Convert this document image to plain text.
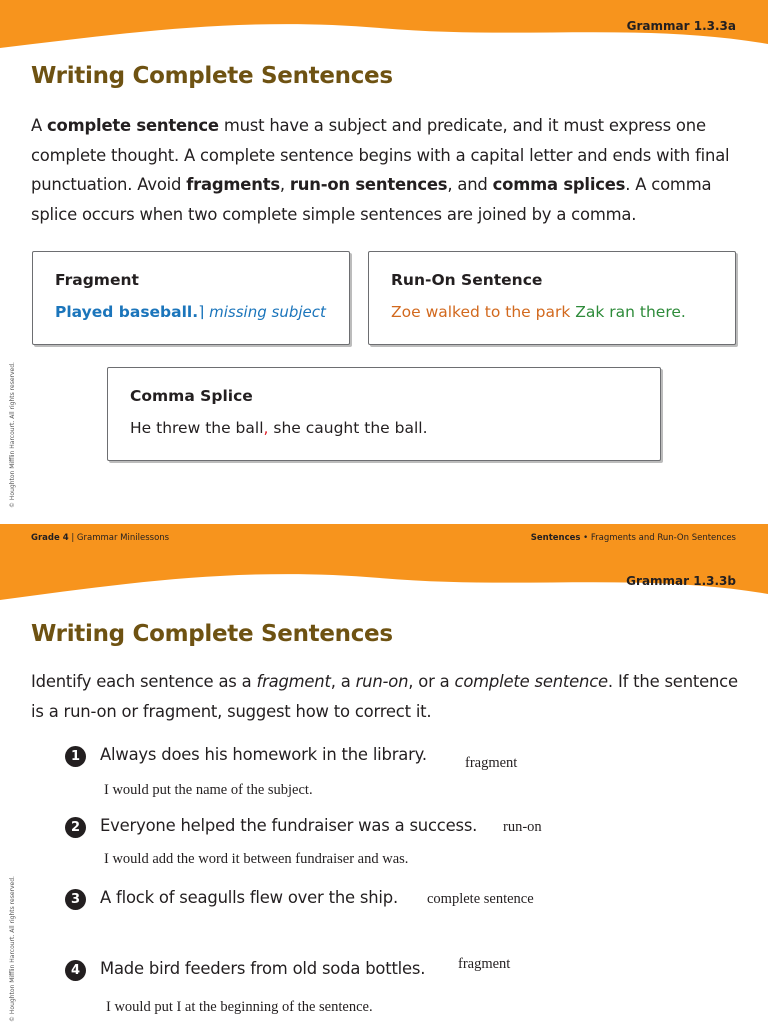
Grammar 1.3.3a
Writing Complete Sentences
A complete sentence must have a subject and predicate, and it must express one complete thought. A complete sentence begins with a capital letter and ends with final punctuation. Avoid fragments, run-on sentences, and comma splices. A comma splice occurs when two complete simple sentences are joined by a comma.
Fragment
Played baseball.⌉ missing subject
Run-On Sentence
Zoe walked to the park Zak ran there.
Comma Splice
He threw the ball, she caught the ball.
© Houghton Mifflin Harcourt. All rights reserved.
Grammar 1.3.3b
Grade 4 | Grammar Minilessons	Sentences • Fragments and Run-On Sentences
Writing Complete Sentences
Identify each sentence as a fragment, a run-on, or a complete sentence. If the sentence is a run-on or fragment, suggest how to correct it.
1	Always does his homework in the library.	fragment
I would put the name of the subject.
2	Everyone helped the fundraiser was a success. run-on
I would add the word it between fundraiser and was.
3	A flock of seagulls flew over the ship. complete sentence
4	Made bird feeders from old soda bottles. fragment
I would put I at the beginning of the sentence.
© Houghton Mifflin Harcourt. All rights reserved.
